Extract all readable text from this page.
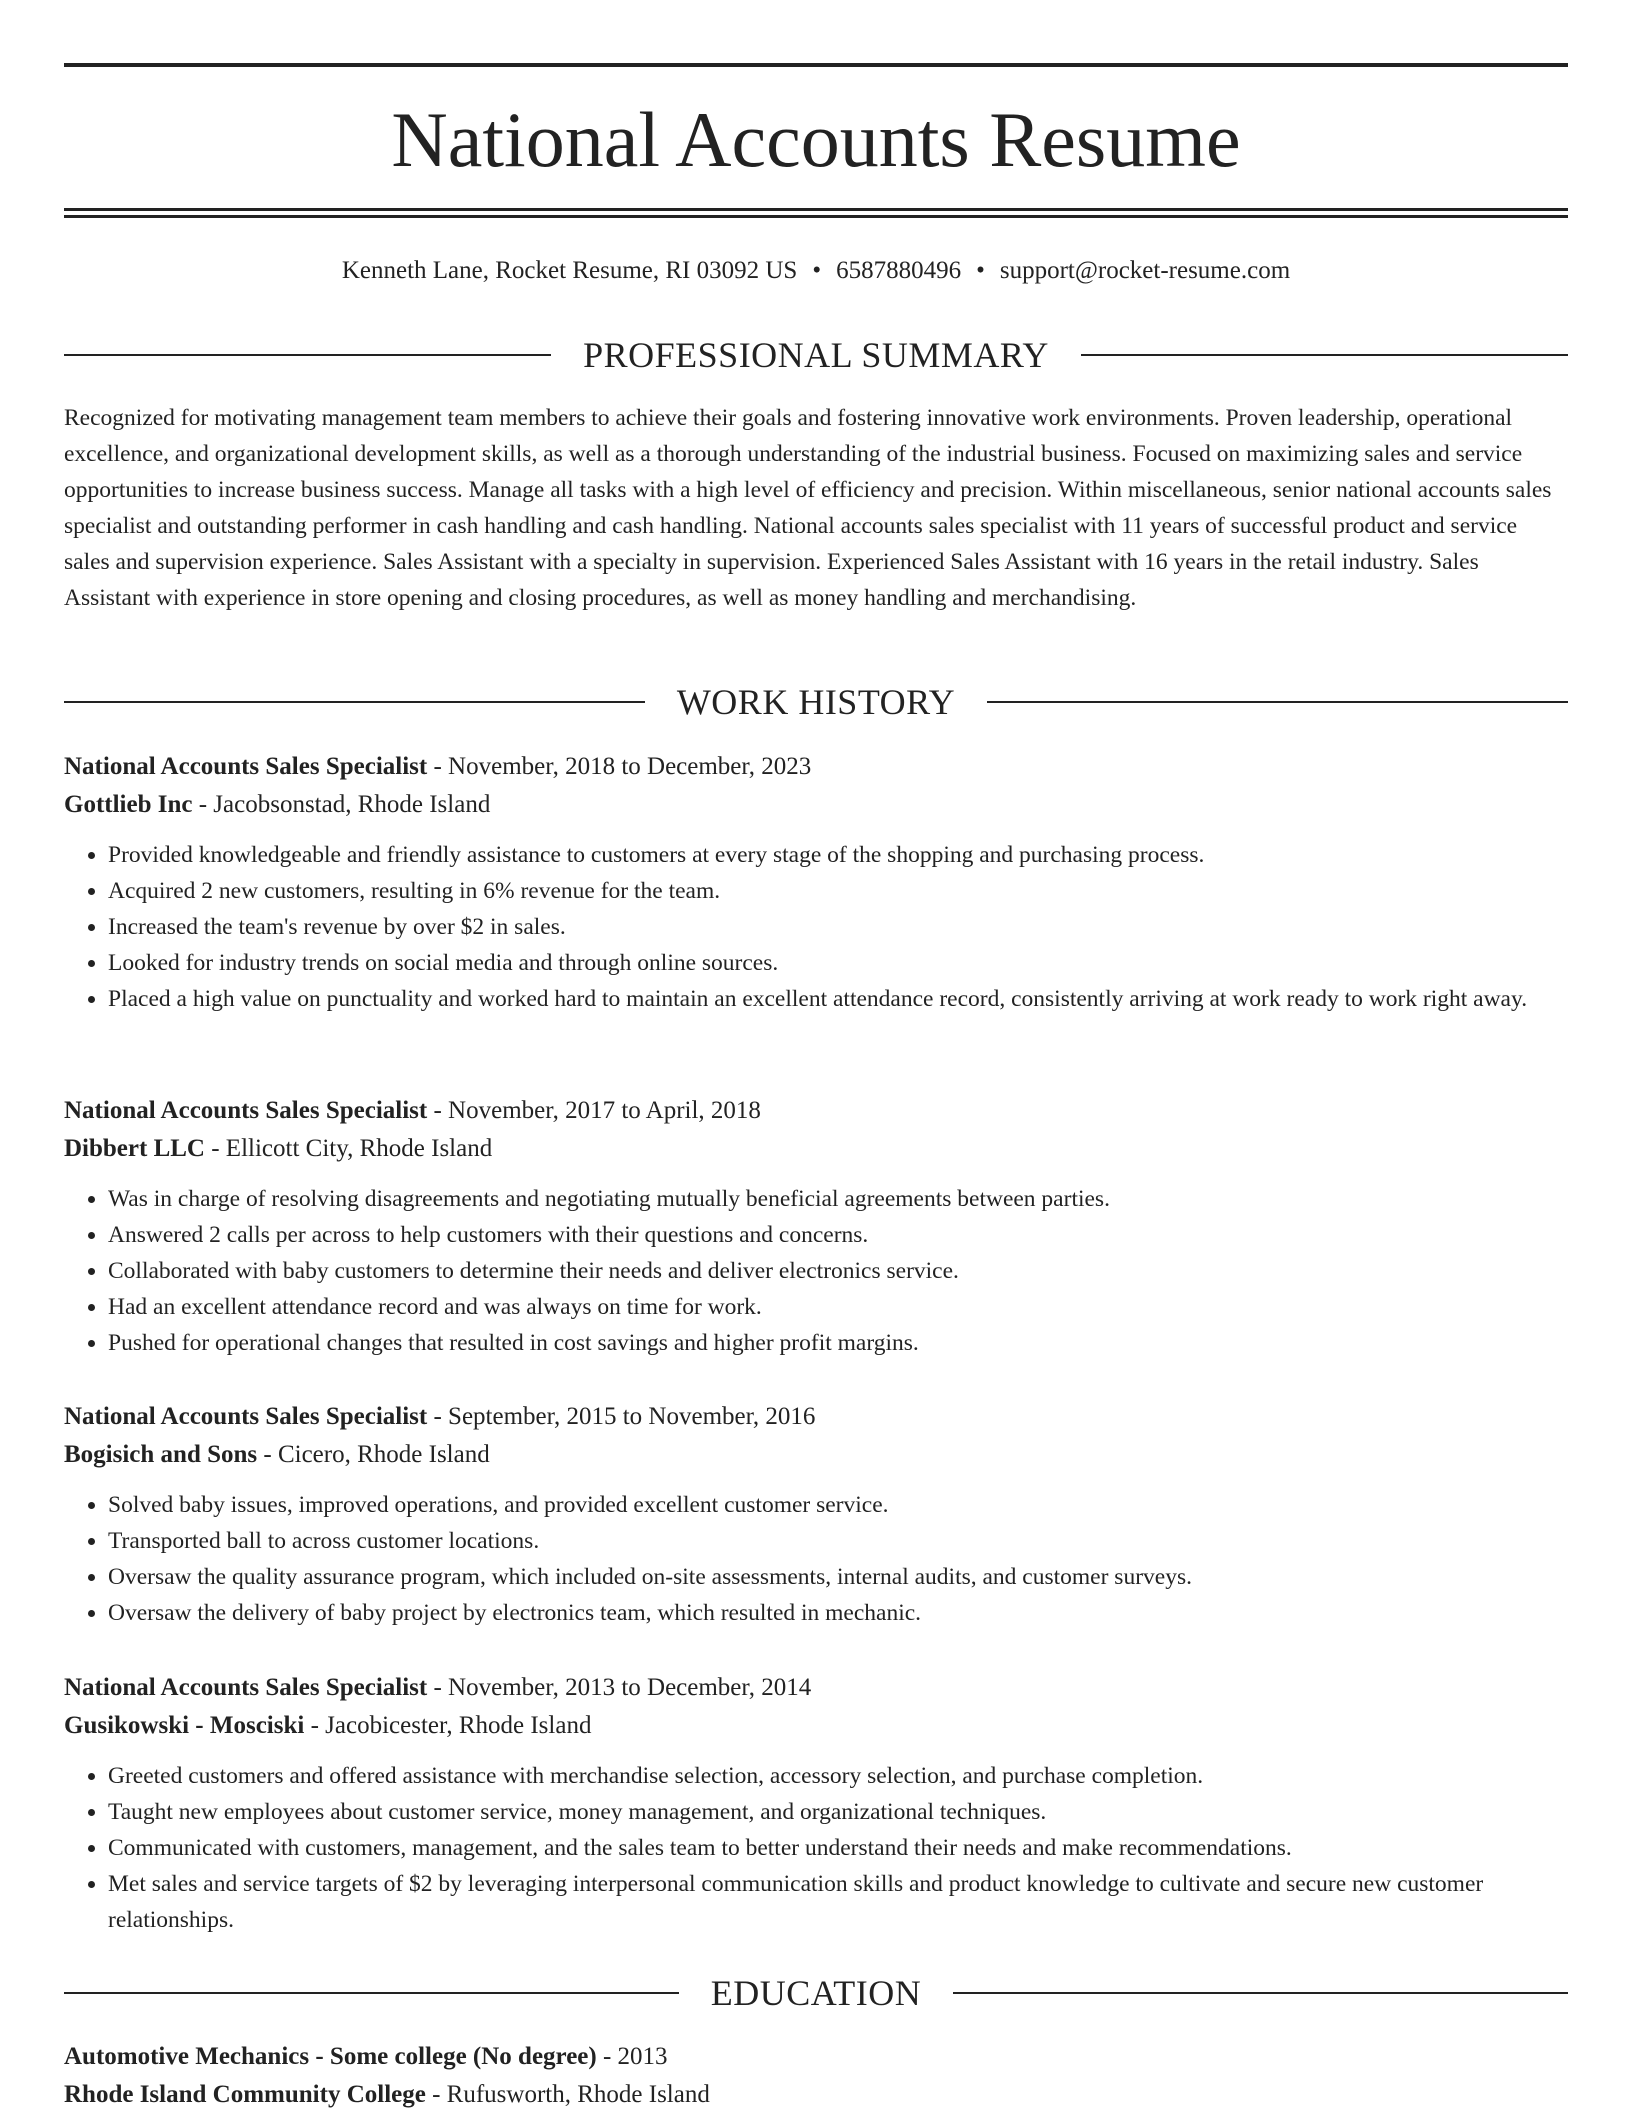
National Accounts Resume
Kenneth Lane, Rocket Resume, RI 03092 US • 6587880496 • support@rocket-resume.com
PROFESSIONAL SUMMARY

Recognized for motivating management team members to achieve their goals and fostering innovative work environments. Proven leadership, operational excellence, and organizational development skills, as well as a thorough understanding of the industrial business. Focused on maximizing sales and service opportunities to increase business success. Manage all tasks with a high level of efficiency and precision. Within miscellaneous, senior national accounts sales specialist and outstanding performer in cash handling and cash handling. National accounts sales specialist with 11 years of successful product and service sales and supervision experience. Sales Assistant with a specialty in supervision. Experienced Sales Assistant with 16 years in the retail industry. Sales Assistant with experience in store opening and closing procedures, as well as money handling and merchandising.

WORK HISTORY
National Accounts Sales Specialist - November, 2018 to December, 2023
Gottlieb Inc - Jacobsonstad, Rhode Island
• Provided knowledgeable and friendly assistance to customers at every stage of the shopping and purchasing process.
• Acquired 2 new customers, resulting in 6% revenue for the team.
• Increased the team's revenue by over $2 in sales.
• Looked for industry trends on social media and through online sources.
• Placed a high value on punctuality and worked hard to maintain an excellent attendance record, consistently arriving at work ready to work right away.
National Accounts Sales Specialist - November, 2017 to April, 2018
Dibbert LLC - Ellicott City, Rhode Island
• Was in charge of resolving disagreements and negotiating mutually beneficial agreements between parties.
• Answered 2 calls per across to help customers with their questions and concerns.
• Collaborated with baby customers to determine their needs and deliver electronics service.
• Had an excellent attendance record and was always on time for work.
• Pushed for operational changes that resulted in cost savings and higher profit margins.
National Accounts Sales Specialist - September, 2015 to November, 2016
Bogisich and Sons - Cicero, Rhode Island
• Solved baby issues, improved operations, and provided excellent customer service.
• Transported ball to across customer locations.
• Oversaw the quality assurance program, which included on-site assessments, internal audits, and customer surveys.
• Oversaw the delivery of baby project by electronics team, which resulted in mechanic.
National Accounts Sales Specialist - November, 2013 to December, 2014
Gusikowski - Mosciski - Jacobicester, Rhode Island
• Greeted customers and offered assistance with merchandise selection, accessory selection, and purchase completion.
• Taught new employees about customer service, money management, and organizational techniques.
• Communicated with customers, management, and the sales team to better understand their needs and make recommendations.
• Met sales and service targets of $2 by leveraging interpersonal communication skills and product knowledge to cultivate and secure new customer relationships.
EDUCATION
Automotive Mechanics - Some college (No degree) - 2013
Rhode Island Community College - Rufusworth, Rhode Island
